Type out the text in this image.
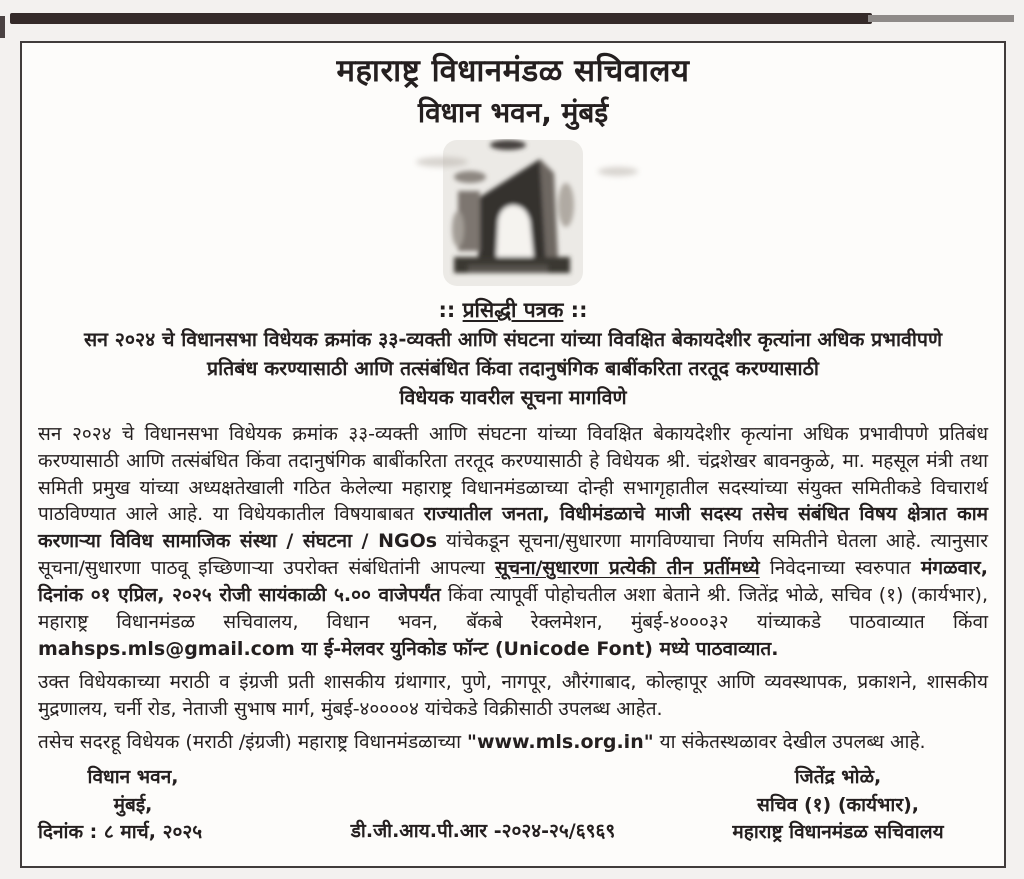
महाराष्ट्र विधानमंडळ सचिवालय
विधान भवन, मुंबई
:: प्रसिद्धी पत्रक ::
सन २०२४ चे विधानसभा विधेयक क्रमांक ३३-व्यक्ती आणि संघटना यांच्या विवक्षित बेकायदेशीर कृत्यांना अधिक प्रभावीपणे
प्रतिबंध करण्यासाठी आणि तत्संबंधित किंवा तदानुषंगिक बाबींकरिता तरतूद करण्यासाठी
विधेयक यावरील सूचना मागविणे
सन २०२४ चे विधानसभा विधेयक क्रमांक ३३-व्यक्ती आणि संघटना यांच्या विवक्षित बेकायदेशीर कृत्यांना अधिक प्रभावीपणे प्रतिबंध करण्यासाठी आणि तत्संबंधित किंवा तदानुषंगिक बाबींकरिता तरतूद करण्यासाठी हे विधेयक श्री. चंद्रशेखर बावनकुळे, मा. महसूल मंत्री तथा समिती प्रमुख यांच्या अध्यक्षतेखाली गठित केलेल्या महाराष्ट्र विधानमंडळाच्या दोन्ही सभागृहातील सदस्यांच्या संयुक्त समितीकडे विचारार्थ पाठविण्यात आले आहे. या विधेयकातील विषयाबाबत राज्यातील जनता, विधीमंडळाचे माजी सदस्य तसेच संबंधित विषय क्षेत्रात काम करणाऱ्या विविध सामाजिक संस्था / संघटना / NGOs यांचेकडून सूचना/सुधारणा मागविण्याचा निर्णय समितीने घेतला आहे. त्यानुसार सूचना/सुधारणा पाठवू इच्छिणाऱ्या उपरोक्त संबंधितांनी आपल्या सूचना/सुधारणा प्रत्येकी तीन प्रतींमध्ये निवेदनाच्या स्वरुपात मंगळवार, दिनांक ०१ एप्रिल, २०२५ रोजी सायंकाळी ५.०० वाजेपर्यंत किंवा त्यापूर्वी पोहोचतील अशा बेताने श्री. जितेंद्र भोळे, सचिव (१) (कार्यभार), महाराष्ट्र विधानमंडळ सचिवालय, विधान भवन, बॅकबे रेक्लमेशन, मुंबई-४०००३२ यांच्याकडे पाठवाव्यात किंवा mahsps.mls@gmail.com या ई-मेलवर युनिकोड फॉन्ट (Unicode Font) मध्ये पाठवाव्यात.
उक्त विधेयकाच्या मराठी व इंग्रजी प्रती शासकीय ग्रंथागार, पुणे, नागपूर, औरंगाबाद, कोल्हापूर आणि व्यवस्थापक, प्रकाशने, शासकीय मुद्रणालय, चर्नी रोड, नेताजी सुभाष मार्ग, मुंबई-४००००४ यांचेकडे विक्रीसाठी उपलब्ध आहेत.
तसेच सदरहू विधेयक (मराठी /इंग्रजी) महाराष्ट्र विधानमंडळाच्या "www.mls.org.in" या संकेतस्थळावर देखील उपलब्ध आहे.
विधान भवन,
मुंबई,
दिनांक : ८ मार्च, २०२५	डी.जी.आय.पी.आर -२०२४-२५/६९६९
जितेंद्र भोळे,
सचिव (१) (कार्यभार),
महाराष्ट्र विधानमंडळ सचिवालय
